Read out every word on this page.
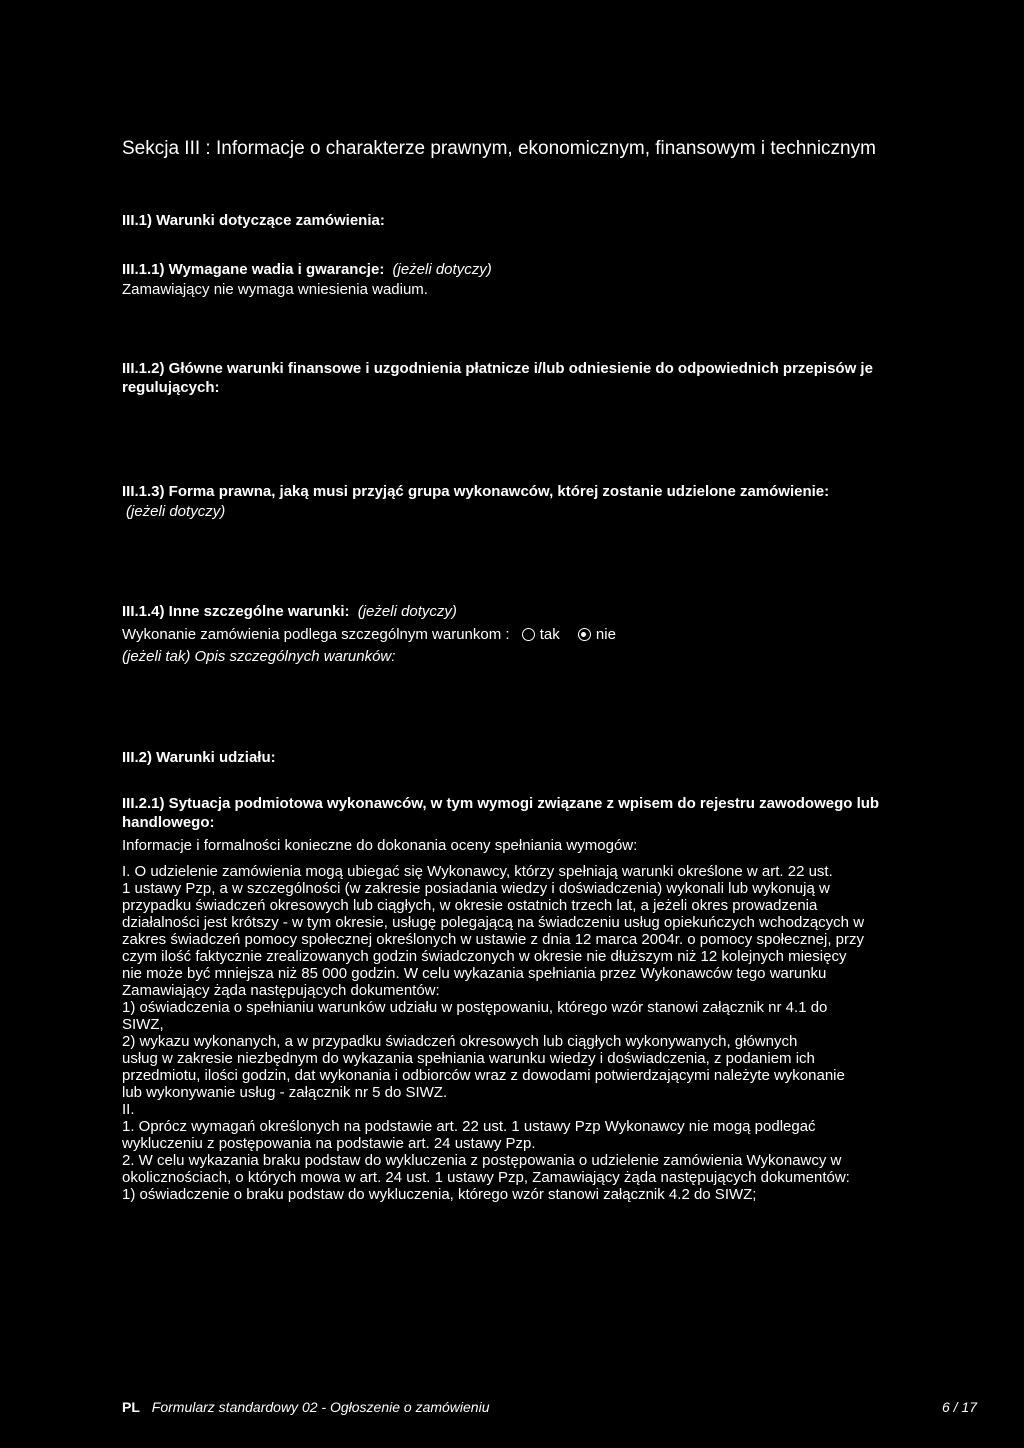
Sekcja III : Informacje o charakterze prawnym, ekonomicznym, finansowym i technicznym
III.1) Warunki dotyczące zamówienia:
III.1.1) Wymagane wadia i gwarancje: (jeżeli dotyczy)
Zamawiający nie wymaga wniesienia wadium.
III.1.2) Główne warunki finansowe i uzgodnienia płatnicze i/lub odniesienie do odpowiednich przepisów je regulujących:
III.1.3) Forma prawna, jaką musi przyjąć grupa wykonawców, której zostanie udzielone zamówienie:
(jeżeli dotyczy)
III.1.4) Inne szczególne warunki: (jeżeli dotyczy)
Wykonanie zamówienia podlega szczególnym warunkom : tak nie
(jeżeli tak) Opis szczególnych warunków:
III.2) Warunki udziału:
III.2.1) Sytuacja podmiotowa wykonawców, w tym wymogi związane z wpisem do rejestru zawodowego lub handlowego:
Informacje i formalności konieczne do dokonania oceny spełniania wymogów:

I. O udzielenie zamówienia mogą ubiegać się Wykonawcy, którzy spełniają warunki określone w art. 22 ust.

1 ustawy Pzp, a w szczególności (w zakresie posiadania wiedzy i doświadczenia) wykonali lub wykonują w

przypadku świadczeń okresowych lub ciągłych, w okresie ostatnich trzech lat, a jeżeli okres prowadzenia

działalności jest krótszy - w tym okresie, usługę polegającą na świadczeniu usług opiekuńczych wchodzących w

zakres świadczeń pomocy społecznej określonych w ustawie z dnia 12 marca 2004r. o pomocy społecznej, przy

czym ilość faktycznie zrealizowanych godzin świadczonych w okresie nie dłuższym niż 12 kolejnych miesięcy

nie może być mniejsza niż 85 000 godzin. W celu wykazania spełniania przez Wykonawców tego warunku

Zamawiający żąda następujących dokumentów:

1) oświadczenia o spełnianiu warunków udziału w postępowaniu, którego wzór stanowi załącznik nr 4.1 do

SIWZ,

2) wykazu wykonanych, a w przypadku świadczeń okresowych lub ciągłych wykonywanych, głównych

usług w zakresie niezbędnym do wykazania spełniania warunku wiedzy i doświadczenia, z podaniem ich

przedmiotu, ilości godzin, dat wykonania i odbiorców wraz z dowodami potwierdzającymi należyte wykonanie

lub wykonywanie usług - załącznik nr 5 do SIWZ.

II.

1. Oprócz wymagań określonych na podstawie art. 22 ust. 1 ustawy Pzp Wykonawcy nie mogą podlegać

wykluczeniu z postępowania na podstawie art. 24 ustawy Pzp.

2. W celu wykazania braku podstaw do wykluczenia z postępowania o udzielenie zamówienia Wykonawcy w

okolicznościach, o których mowa w art. 24 ust. 1 ustawy Pzp, Zamawiający żąda następujących dokumentów:

1) oświadczenie o braku podstaw do wykluczenia, którego wzór stanowi załącznik 4.2 do SIWZ;

PL Formularz standardowy 02 - Ogłoszenie o zamówieniu	6 / 17
